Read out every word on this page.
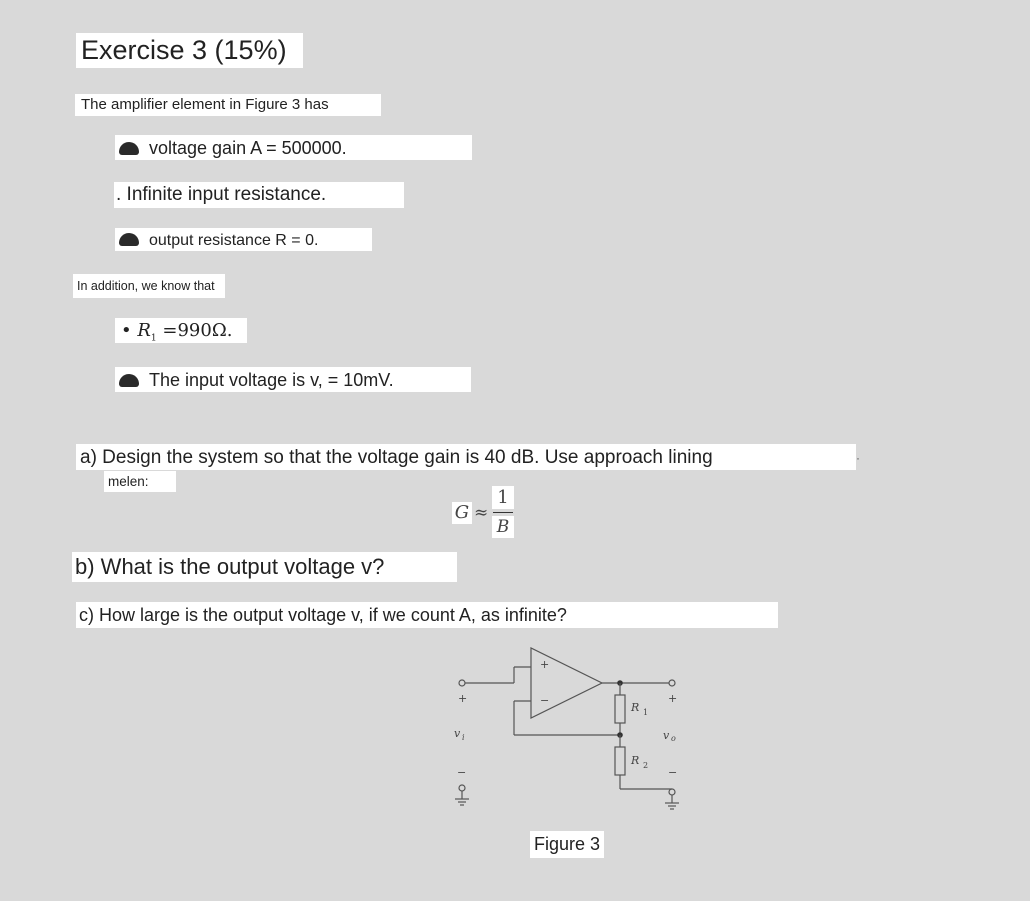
Exercise 3 (15%)
The amplifier element in Figure 3 has
voltage gain A = 500000.
. Infinite input resistance.
output resistance R = 0.
In addition, we know that
• $R_1 =990\Omega$.
The input voltage is v, = 10mV.
a) Design the system so that the voltage gain is 40 dB. Use approach lining	·
melen:
G ≈
1
B
b) What is the output voltage v?
c) How large is the output voltage v, if we count A, as infinite?
+
−
+
−
v i
+
−
v o
R 1
R 2
Figure 3
